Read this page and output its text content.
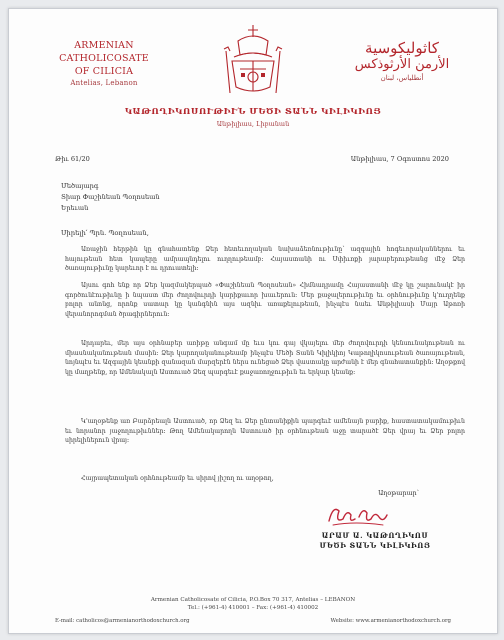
ARMENIAN CATHOLICOSATE
OF CILICIA
Antelias, Lebanon
كاثوليكوسية
الأرمن الأرثوذكس
أنطلياس، لبنان
ԿԱԹՈՂԻԿՈՍՈՒԹԻՒՆ ՄԵԾԻ ՏԱՆՆ ԿԻԼԻԿԻՈՅ
Անթիլիաս, Լիբանան
Թիւ 61/20	Անթիլիաս, 7 Օգոստոս 2020
Մեծայարգ
Տիար Փաշինեան Պօղոսեան
Երեւան
Սիրելի՛ Պրն. Պօղոսեան,
Առաջին հերթին կը գնահատենք Ձեր հետեւողական նախաձեռնութիւնը՝ ազգային հոգեւորականներու եւ հայութեան հետ կապերը ամրապնդելու ուղղութեամբ։ Հայաստանի ու Սփիւռքի յարաբերութեանց մէջ Ձեր ծառայութիւնը կարեւոր է ու դրուատելի։
Այսու գոհ ենք որ Ձեր կազմակերպած «Փաշինեան Պօղոսեան» Հիմնադրամը Հայաստանի մէջ կը շարունակէ իր գործունէութիւնը ի նպաստ մեր ժողովուրդի կարիքաւոր խաւերուն։ Մեր քաջալերութիւնը եւ օրհնութիւնը կ'ուղղենք բոլոր անոնց, որոնք սատար կը կանգնին այս ազնիւ առաքելութեան, ինչպէս նաեւ Անթիլիասի Մայր Աթոռի վերանորոգման ծրագիրներուն։
Արդարեւ, մեր այս օրհնաբեր առիթը անգամ մը եւս կու գայ վկայելու մեր ժողովուրդի կենսունակութեան ու միասնականութեան մասին։ Ձեր կարողականութեամբ ինչպէս Մեծի Տանն Կիլիկիոյ Կաթողիկոսութեան ծառայութեան, նոյնպէս եւ Ազգային կեանքի զանազան մարզերէն ներս ունեցած Ձեր վաստակը արժանի է մեր գնահատանքին։ Աղօթքով կը մաղթենք, որ Ամենակալն Աստուած Ձեզ պարգեւէ քաջառողջութիւն եւ երկար կեանք։
Կ'աղօթենք առ Բարձրեալն Աստուած, որ Ձեզ եւ Ձեր ընտանիքին պարգեւէ ամենայն բարիք, հաստատակամութիւն եւ նորանոր յաջողութիւններ։ Թող Ամենակարողն Աստուած իր օրհնութեան աջը տարածէ Ձեր վրայ եւ Ձեր բոլոր սիրելիներուն վրայ։
Հայրապետական օրհնութեամբ եւ սիրով յիշող ու աղօթող,
Աղօթարար՝
ԱՐԱՄ Ա. ԿԱԹՈՂԻԿՈՍ
ՄԵԾԻ ՏԱՆՆ ԿԻԼԻԿԻՈՅ
Armenian Catholicosate of Cilicia, P.O.Box 70 317, Antelias – LEBANON
Tel.: (+961-4) 410001 – Fax: (+961-4) 410002
E-mail: catholicos@armenianorthodoxchurch.org	Website: www.armenianorthodoxchurch.org
